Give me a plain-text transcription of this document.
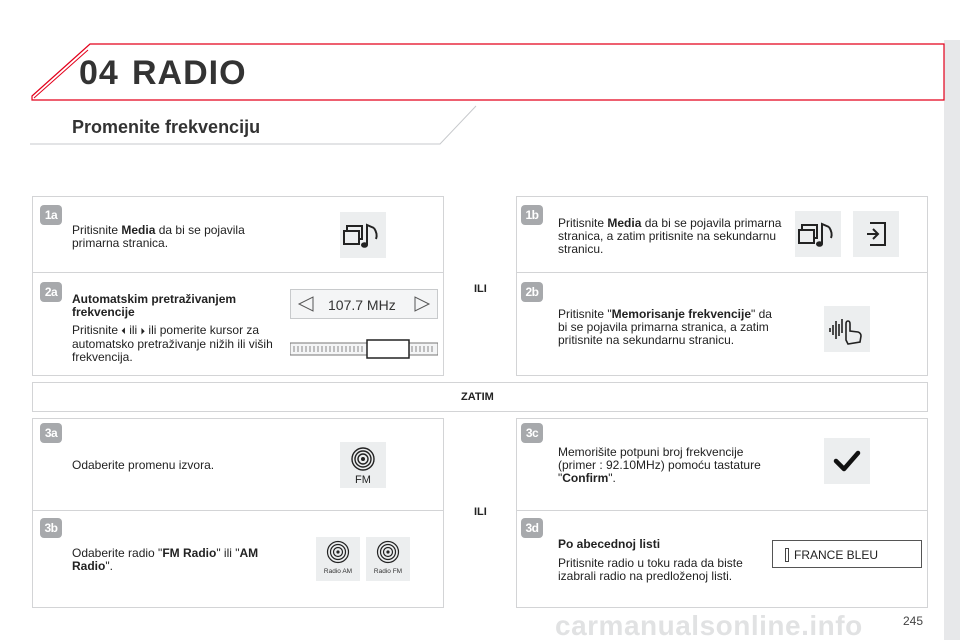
04 RADIO
Promenite frekvenciju
ZATIM
ILI
ILI
1a
Pritisnite Media da bi se pojavila primarna stranica.
1b
Pritisnite Media da bi se pojavila primarna stranica, a zatim pritisnite na sekundarnu stranicu.
2a	Automatskim pretraživanjem frekvencije
Pritisnite ⏴ ili ⏵ ili pomerite kursor za automatsko pretraživanje nižih ili viših frekvencija.
107.7 MHz
2b
Pritisnite "Memorisanje frekvencije" da bi se pojavila primarna stranica, a zatim pritisnite na sekundarnu stranicu.
3a
Odaberite promenu izvora.
FM
3b
Odaberite radio "FM Radio" ili "AM Radio".	Radio AM	Radio FM
3c
Memorišite potpuni broj frekvencije (primer : 92.10MHz) pomoću tastature "Confirm".
3d
Po abecednoj listi
Pritisnite radio u toku rada da biste izabrali radio na predloženoj listi.
FRANCE BLEU
245
carmanualsonline.info
